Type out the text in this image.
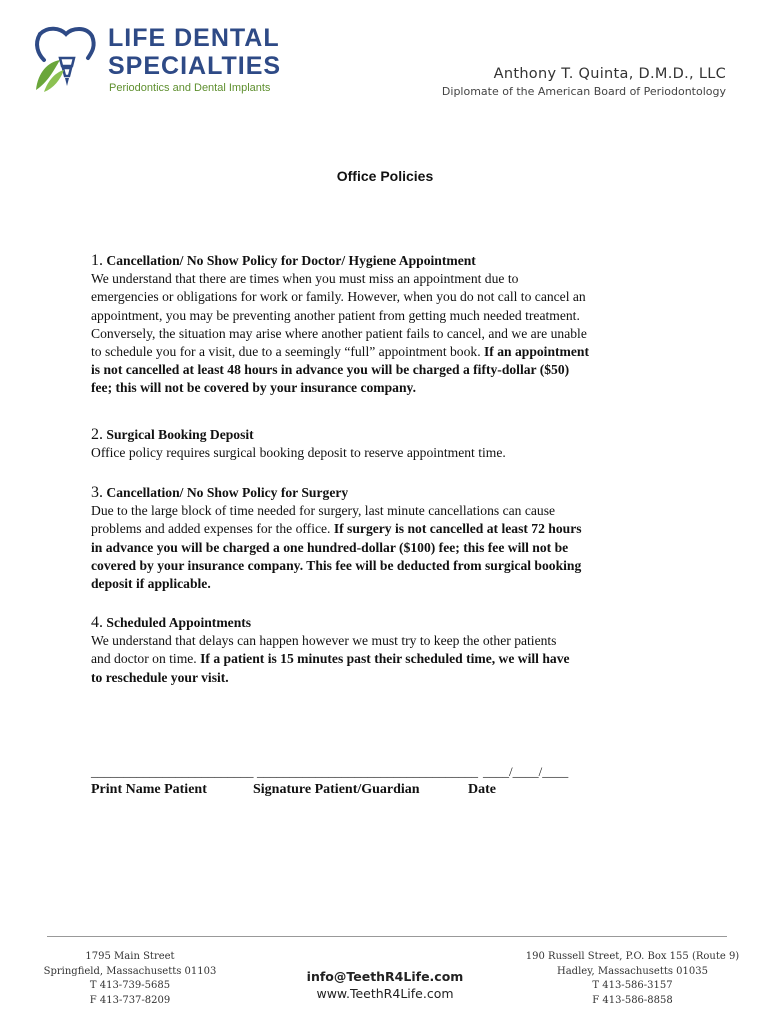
LIFE DENTAL
SPECIALTIES
Periodontics and Dental Implants
Anthony T. Quinta, D.M.D., LLC
Diplomate of the American Board of Periodontology
Office Policies

1. Cancellation/ No Show Policy for Doctor/ Hygiene Appointment

We understand that there are times when you must miss an appointment due to

emergencies or obligations for work or family. However, when you do not call to cancel an

appointment, you may be preventing another patient from getting much needed treatment.

Conversely, the situation may arise where another patient fails to cancel, and we are unable

to schedule you for a visit, due to a seemingly “full” appointment book. If an appointment

is not cancelled at least 48 hours in advance you will be charged a fifty-dollar ($50)

fee; this will not be covered by your insurance company.

2. Surgical Booking Deposit

Office policy requires surgical booking deposit to reserve appointment time.

3. Cancellation/ No Show Policy for Surgery

Due to the large block of time needed for surgery, last minute cancellations can cause

problems and added expenses for the office. If surgery is not cancelled at least 72 hours

in advance you will be charged a one hundred-dollar ($100) fee; this fee will not be

covered by your insurance company. This fee will be deducted from surgical booking

deposit if applicable.

4. Scheduled Appointments

We understand that delays can happen however we must try to keep the other patients

and doctor on time. If a patient is 15 minutes past their scheduled time, we will have

to reschedule your visit.

_________________________ __________________________________ ____/____/____
Print Name Patient	Signature Patient/Guardian	Date
1795 Main Street
Springfield, Massachusetts 01103
T 413-739-5685
F 413-737-8209
info@TeethR4Life.com
www.TeethR4Life.com
190 Russell Street, P.O. Box 155 (Route 9)
Hadley, Massachusetts 01035
T 413-586-3157
F 413-586-8858
